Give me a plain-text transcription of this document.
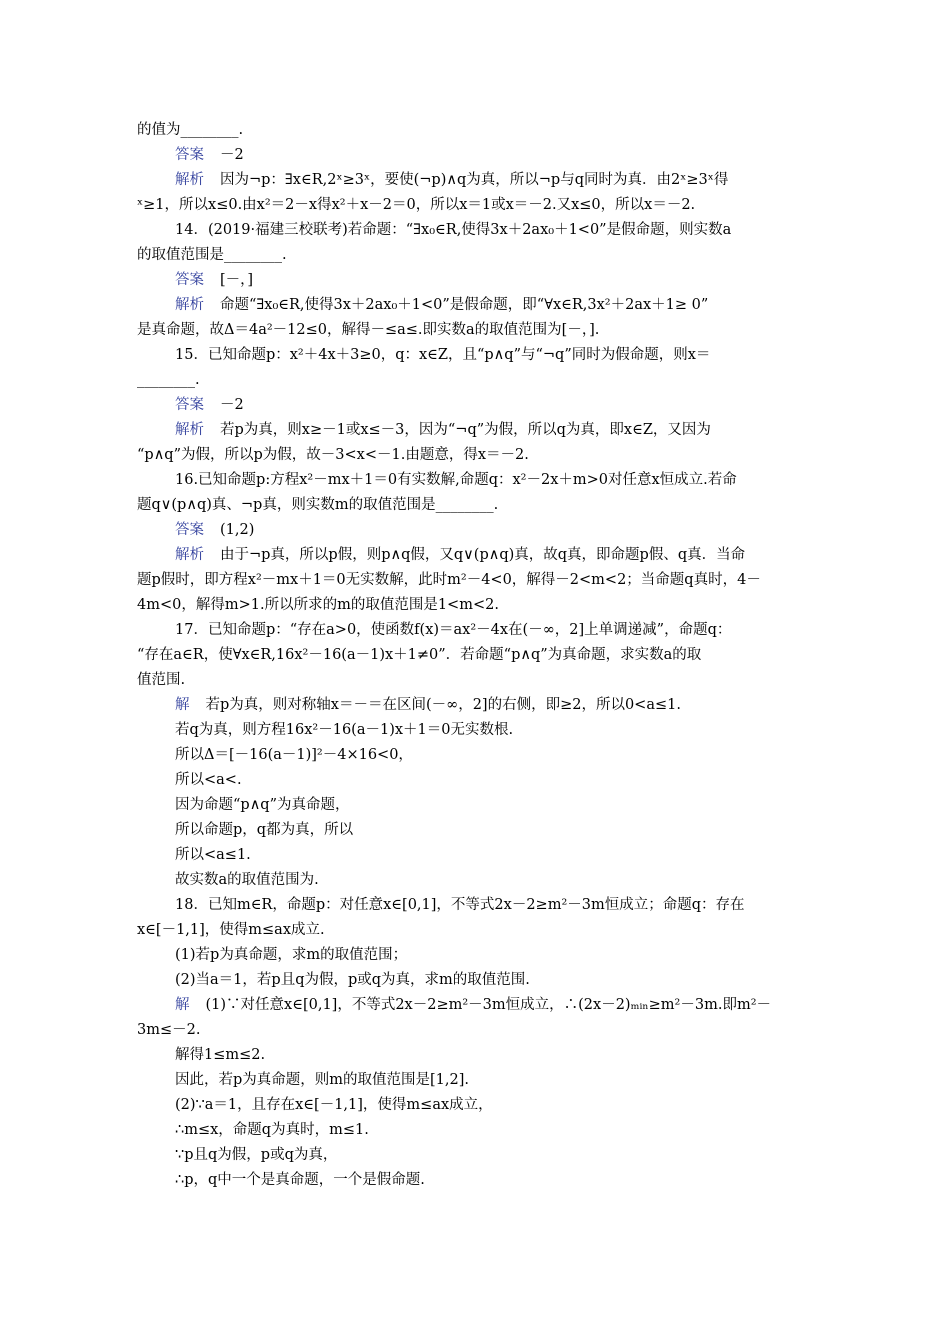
的值为________.
答案 －2
解析 因为¬p：∃x∈R,2ˣ≥3ˣ，要使(¬p)∧q为真，所以¬p与q同时为真．由2ˣ≥3ˣ得
ˣ≥1，所以x≤0.由x²＝2－x得x²＋x－2＝0，所以x＝1或x＝－2.又x≤0，所以x＝－2.
14．(2019·福建三校联考)若命题：“∃x₀∈R,使得3x＋2ax₀＋1<0”是假命题，则实数a
的取值范围是________.
答案 [－，]
解析 命题“∃x₀∈R,使得3x＋2ax₀＋1<0”是假命题，即“∀x∈R,3x²＋2ax＋1≥ 0”
是真命题，故Δ＝4a²－12≤0，解得－≤a≤.即实数a的取值范围为[－，].
15．已知命题p：x²＋4x＋3≥0，q：x∈Z，且“p∧q”与“¬q”同时为假命题，则x＝
________.
答案 －2
解析 若p为真，则x≥－1或x≤－3，因为“¬q”为假，所以q为真，即x∈Z，又因为
“p∧q”为假，所以p为假，故－3<x<－1.由题意，得x＝－2.
16.已知命题p:方程x²－mx＋1＝0有实数解,命题q：x²－2x＋m>0对任意x恒成立.若命
题q∨(p∧q)真、¬p真，则实数m的取值范围是________.
答案 (1,2)
解析 由于¬p真，所以p假，则p∧q假，又q∨(p∧q)真，故q真，即命题p假、q真．当命
题p假时，即方程x²－mx＋1＝0无实数解，此时m²－4<0，解得－2<m<2；当命题q真时，4－
4m<0，解得m>1.所以所求的m的取值范围是1<m<2.
17．已知命题p：“存在a>0，使函数f(x)＝ax²－4x在(－∞，2]上单调递减”，命题q：
“存在a∈R，使∀x∈R,16x²－16(a－1)x＋1≠0”．若命题“p∧q”为真命题，求实数a的取
值范围.
解 若p为真，则对称轴x＝－＝在区间(－∞，2]的右侧，即≥2，所以0<a≤1.
若q为真，则方程16x²－16(a－1)x＋1＝0无实数根.
所以Δ＝[－16(a－1)]²－4×16<0，
所以<a<.
因为命题“p∧q”为真命题，
所以命题p，q都为真，所以
所以<a≤1.
故实数a的取值范围为.
18．已知m∈R，命题p：对任意x∈[0,1]，不等式2x－2≥m²－3m恒成立；命题q：存在
x∈[－1,1]，使得m≤ax成立.
(1)若p为真命题，求m的取值范围；
(2)当a＝1，若p且q为假，p或q为真，求m的取值范围.
解 (1)∵对任意x∈[0,1]，不等式2x－2≥m²－3m恒成立，∴(2x－2)ₘᵢₙ≥m²－3m.即m²－
3m≤－2.
解得1≤m≤2.
因此，若p为真命题，则m的取值范围是[1,2].
(2)∵a＝1，且存在x∈[－1,1]，使得m≤ax成立，
∴m≤x，命题q为真时，m≤1.
∵p且q为假，p或q为真，
∴p，q中一个是真命题，一个是假命题.
